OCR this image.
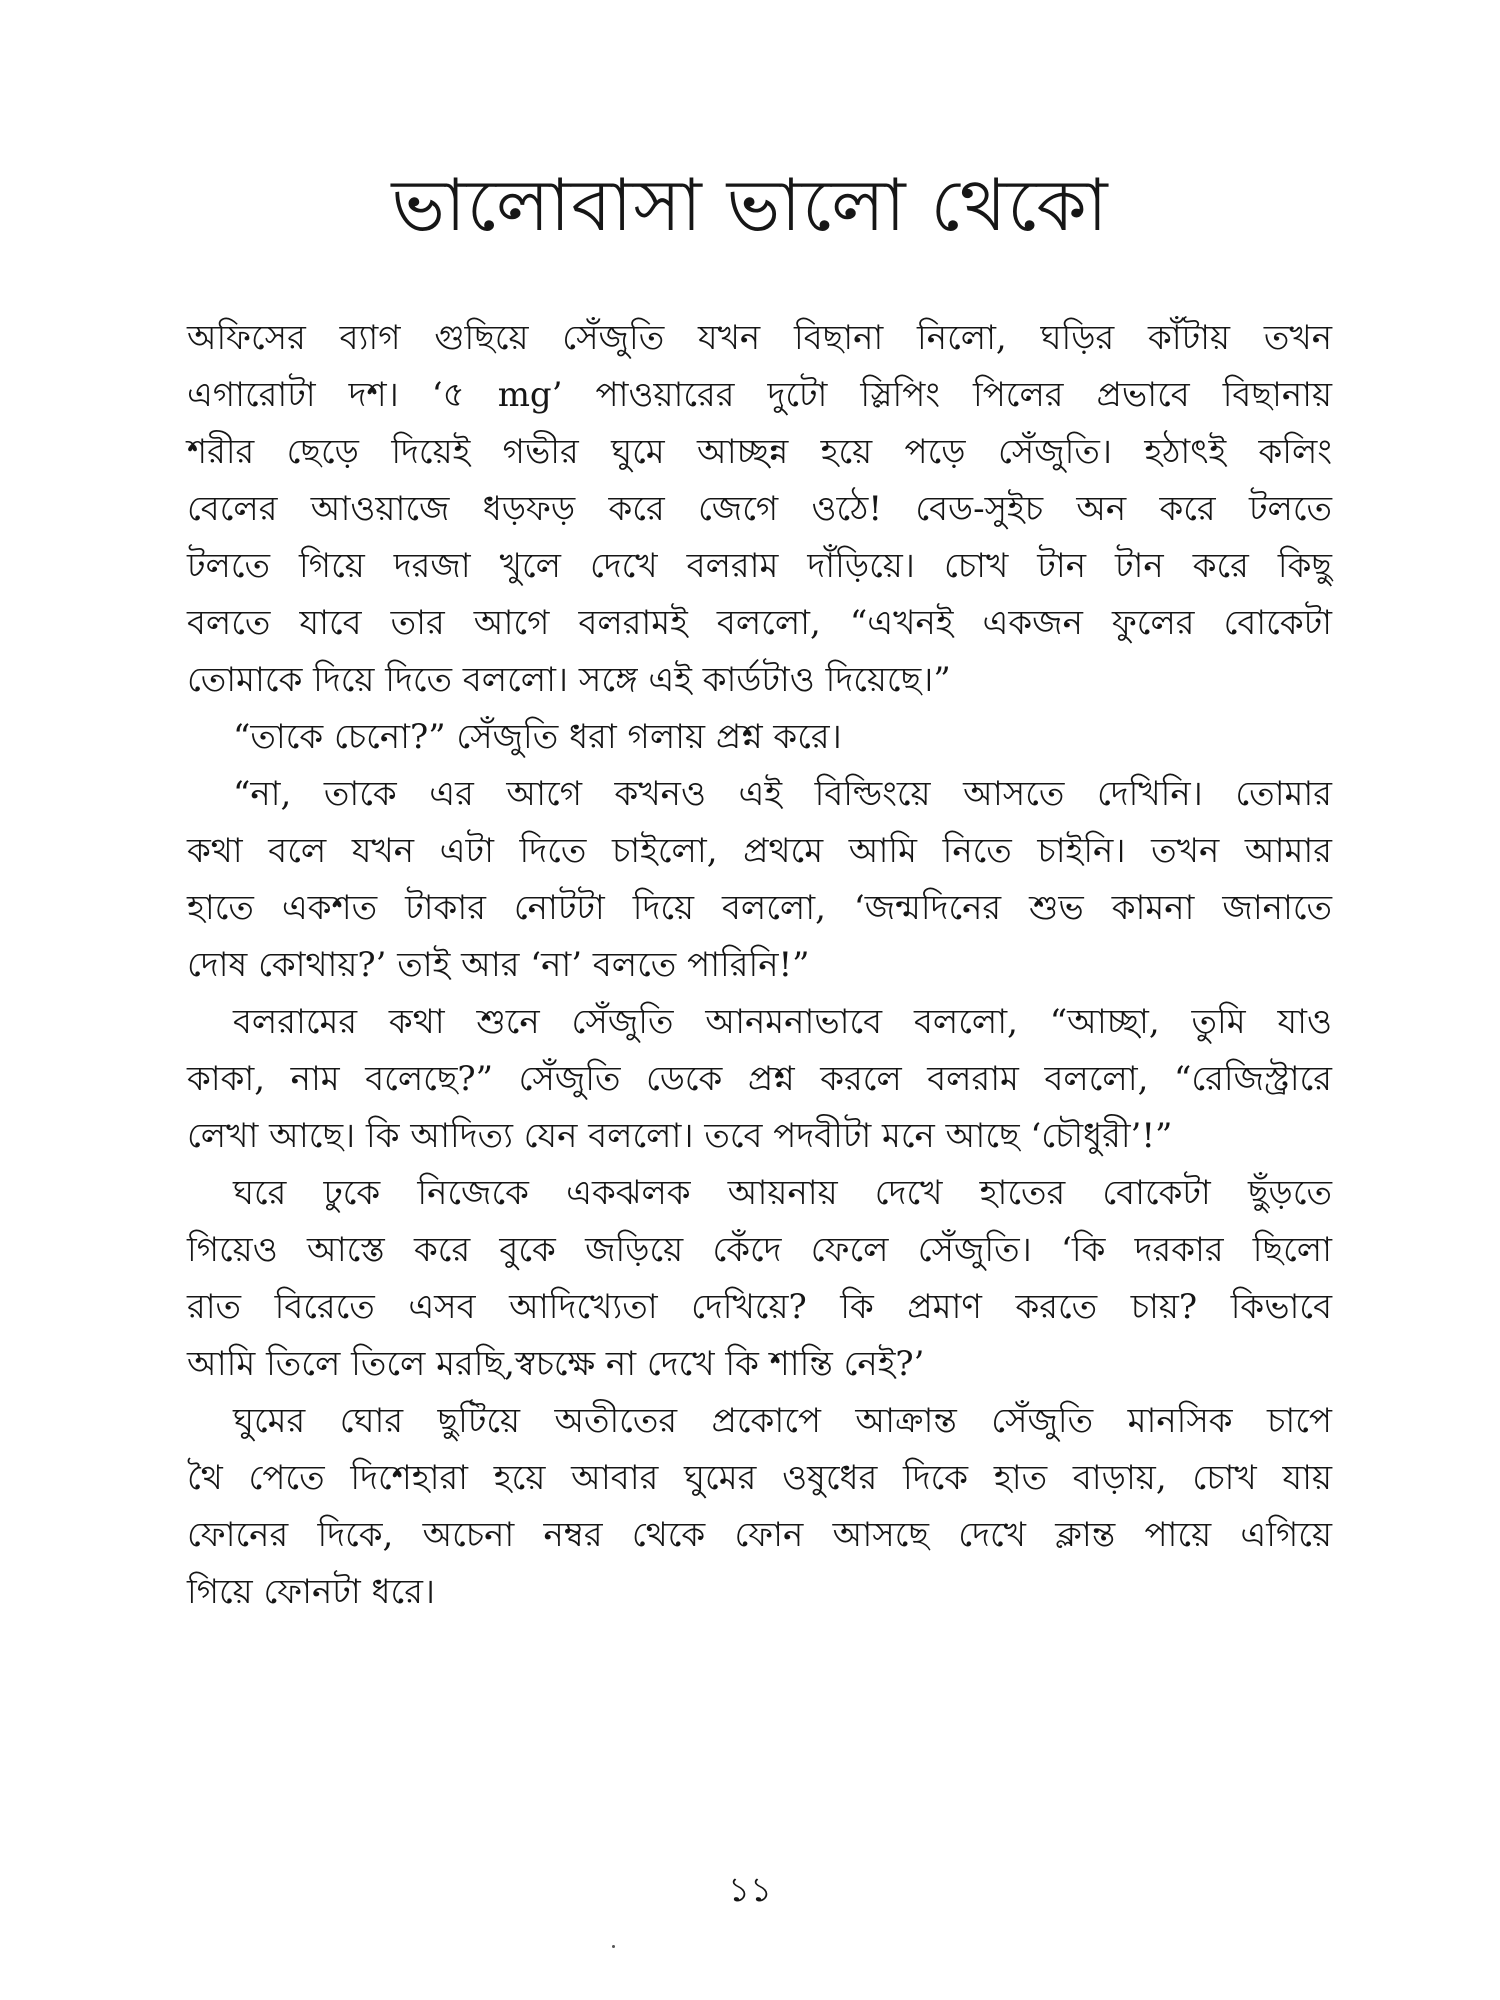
ভালোবাসা ভালো থেকো
অফিসের ব্যাগ গুছিয়ে সেঁজুতি যখন বিছানা নিলো, ঘড়ির কাঁটায় তখন
এগারোটা দশ। ‘৫ mg’ পাওয়ারের দুটো স্লিপিং পিলের প্রভাবে বিছানায়
শরীর ছেড়ে দিয়েই গভীর ঘুমে আচ্ছন্ন হয়ে পড়ে সেঁজুতি। হঠাৎই কলিং
বেলের আওয়াজে ধড়ফড় করে জেগে ওঠে! বেড-সুইচ অন করে টলতে
টলতে গিয়ে দরজা খুলে দেখে বলরাম দাঁড়িয়ে। চোখ টান টান করে কিছু
বলতে যাবে তার আগে বলরামই বললো, “এখনই একজন ফুলের বোকেটা
তোমাকে দিয়ে দিতে বললো। সঙ্গে এই কার্ডটাও দিয়েছে।”
“তাকে চেনো?” সেঁজুতি ধরা গলায় প্রশ্ন করে।
“না, তাকে এর আগে কখনও এই বিল্ডিংয়ে আসতে দেখিনি। তোমার
কথা বলে যখন এটা দিতে চাইলো, প্রথমে আমি নিতে চাইনি। তখন আমার
হাতে একশত টাকার নোটটা দিয়ে বললো, ‘জন্মদিনের শুভ কামনা জানাতে
দোষ কোথায়?’ তাই আর ‘না’ বলতে পারিনি!”
বলরামের কথা শুনে সেঁজুতি আনমনাভাবে বললো, “আচ্ছা, তুমি যাও
কাকা, নাম বলেছে?” সেঁজুতি ডেকে প্রশ্ন করলে বলরাম বললো, “রেজিস্ট্রারে
লেখা আছে। কি আদিত্য যেন বললো। তবে পদবীটা মনে আছে ‘চৌধুরী’!”
ঘরে ঢুকে নিজেকে একঝলক আয়নায় দেখে হাতের বোকেটা ছুঁড়তে
গিয়েও আস্তে করে বুকে জড়িয়ে কেঁদে ফেলে সেঁজুতি। ‘কি দরকার ছিলো
রাত বিরেতে এসব আদিখ্যেতা দেখিয়ে? কি প্রমাণ করতে চায়? কিভাবে
আমি তিলে তিলে মরছি,স্বচক্ষে না দেখে কি শান্তি নেই?’
ঘুমের ঘোর ছুটিয়ে অতীতের প্রকোপে আক্রান্ত সেঁজুতি মানসিক চাপে
থৈ পেতে দিশেহারা হয়ে আবার ঘুমের ওষুধের দিকে হাত বাড়ায়, চোখ যায়
ফোনের দিকে, অচেনা নম্বর থেকে ফোন আসছে দেখে ক্লান্ত পায়ে এগিয়ে
গিয়ে ফোনটা ধরে।
১১
